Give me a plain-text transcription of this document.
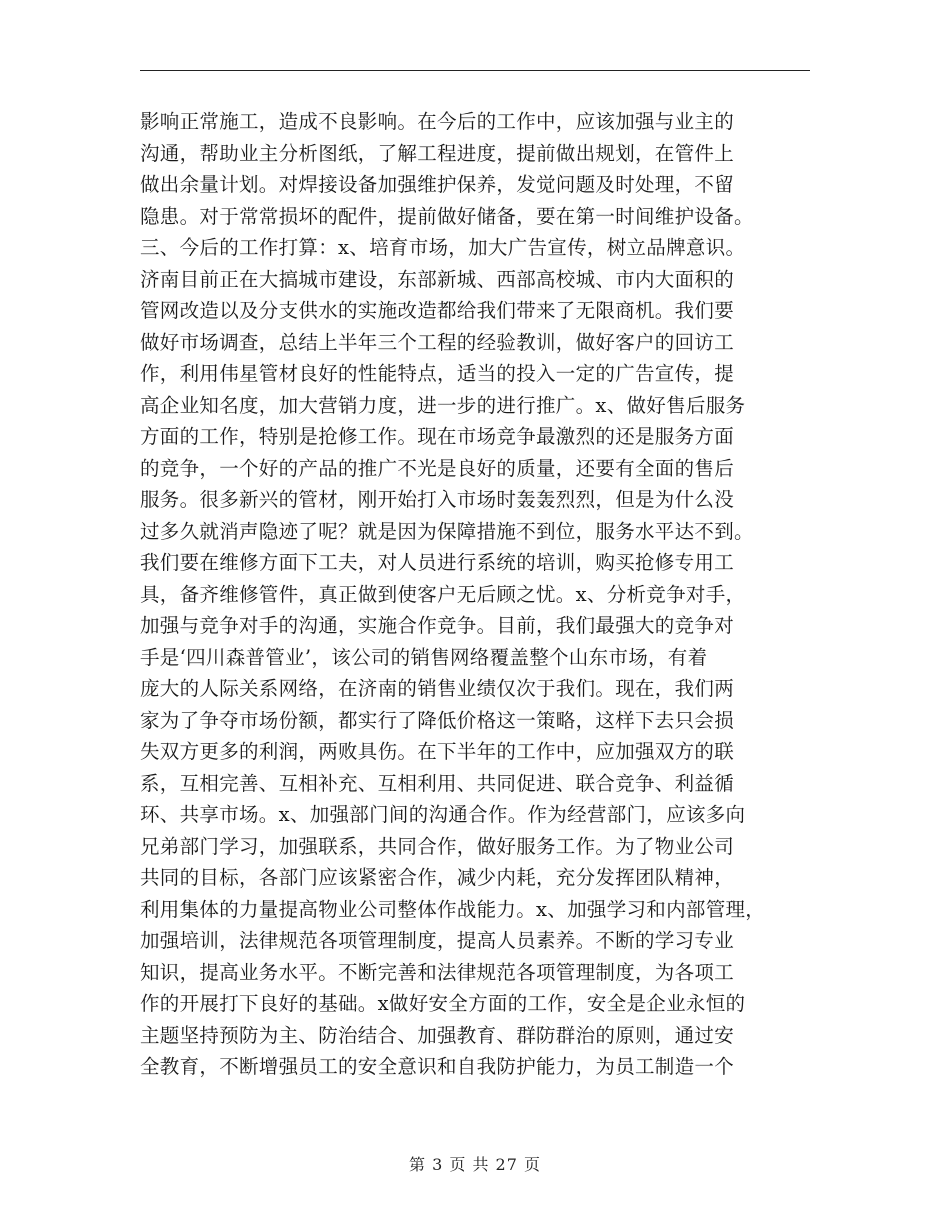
影响正常施工，造成不良影响。在今后的工作中，应该加强与业主的
沟通，帮助业主分析图纸，了解工程进度，提前做出规划，在管件上
做出余量计划。对焊接设备加强维护保养，发觉问题及时处理，不留
隐患。对于常常损坏的配件，提前做好储备，要在第一时间维护设备。
三、今后的工作打算：x、培育市场，加大广告宣传，树立品牌意识。
济南目前正在大搞城市建设，东部新城、西部高校城、市内大面积的
管网改造以及分支供水的实施改造都给我们带来了无限商机。我们要
做好市场调查，总结上半年三个工程的经验教训，做好客户的回访工
作，利用伟星管材良好的性能特点，适当的投入一定的广告宣传，提
高企业知名度，加大营销力度，进一步的进行推广。x、做好售后服务
方面的工作，特别是抢修工作。现在市场竞争最激烈的还是服务方面
的竞争，一个好的产品的推广不光是良好的质量，还要有全面的售后
服务。很多新兴的管材，刚开始打入市场时轰轰烈烈，但是为什么没
过多久就消声隐迹了呢？就是因为保障措施不到位，服务水平达不到。
我们要在维修方面下工夫，对人员进行系统的培训，购买抢修专用工
具，备齐维修管件，真正做到使客户无后顾之忧。x、分析竞争对手，
加强与竞争对手的沟通，实施合作竞争。目前，我们最强大的竞争对
手是‘四川森普管业’，该公司的销售网络覆盖整个山东市场，有着
庞大的人际关系网络，在济南的销售业绩仅次于我们。现在，我们两
家为了争夺市场份额，都实行了降低价格这一策略，这样下去只会损
失双方更多的利润，两败具伤。在下半年的工作中，应加强双方的联
系，互相完善、互相补充、互相利用、共同促进、联合竞争、利益循
环、共享市场。x、加强部门间的沟通合作。作为经营部门，应该多向
兄弟部门学习，加强联系，共同合作，做好服务工作。为了物业公司
共同的目标，各部门应该紧密合作，减少内耗，充分发挥团队精神，
利用集体的力量提高物业公司整体作战能力。x、加强学习和内部管理，
加强培训，法律规范各项管理制度，提高人员素养。不断的学习专业
知识，提高业务水平。不断完善和法律规范各项管理制度，为各项工
作的开展打下良好的基础。x做好安全方面的工作，安全是企业永恒的
主题坚持预防为主、防治结合、加强教育、群防群治的原则，通过安
全教育，不断增强员工的安全意识和自我防护能力，为员工制造一个
第 3 页 共 27 页
